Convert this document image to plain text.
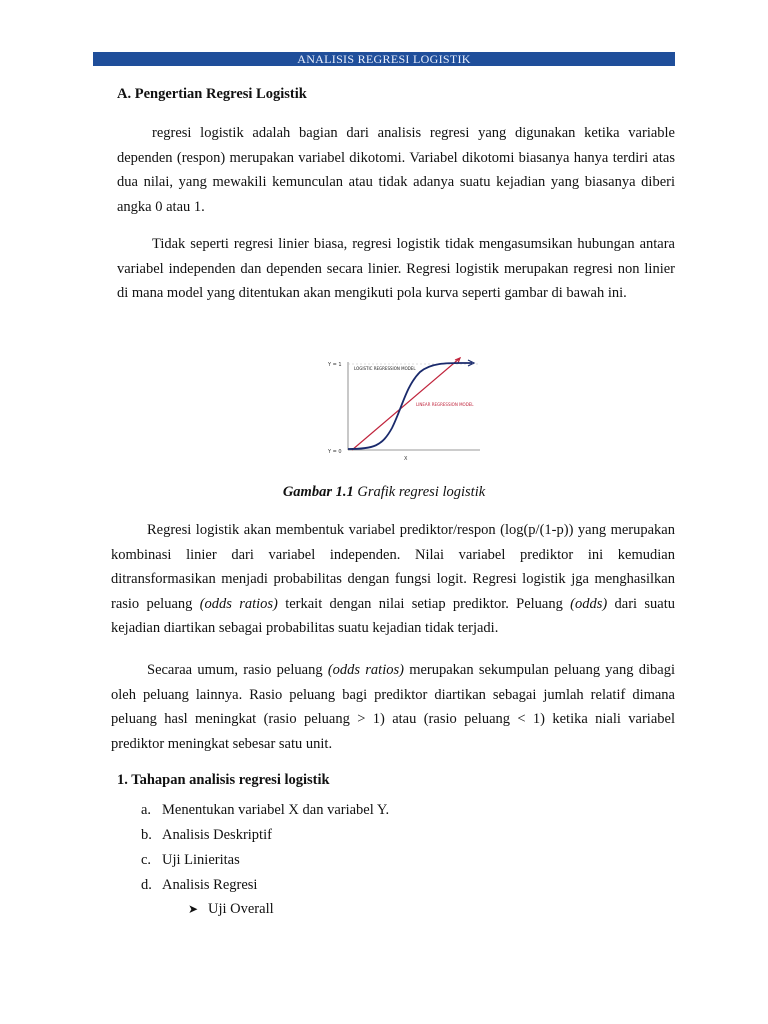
ANALISIS REGRESI LOGISTIK
A. Pengertian Regresi Logistik

regresi logistik adalah bagian dari analisis regresi yang digunakan ketika variable dependen (respon) merupakan variabel dikotomi. Variabel dikotomi biasanya hanya terdiri atas dua nilai, yang mewakili kemunculan atau tidak adanya suatu kejadian yang biasanya diberi angka 0 atau 1.

Tidak seperti regresi linier biasa, regresi logistik tidak mengasumsikan hubungan antara variabel independen dan dependen secara linier. Regresi logistik merupakan regresi non linier di mana model yang ditentukan akan mengikuti pola kurva seperti gambar di bawah ini.

Y = 1
Y = 0
X
LOGISTIC REGRESSION MODEL
LINEAR REGRESSION MODEL
Gambar 1.1 Grafik regresi logistik

Regresi logistik akan membentuk variabel prediktor/respon (log(p/(1-p)) yang merupakan kombinasi linier dari variabel independen. Nilai variabel prediktor ini kemudian ditransformasikan menjadi probabilitas dengan fungsi logit. Regresi logistik jga menghasilkan rasio peluang (odds ratios) terkait dengan nilai setiap prediktor. Peluang (odds) dari suatu kejadian diartikan sebagai probabilitas suatu kejadian tidak terjadi.

Secaraa umum, rasio peluang (odds ratios) merupakan sekumpulan peluang yang dibagi oleh peluang lainnya. Rasio peluang bagi prediktor diartikan sebagai jumlah relatif dimana peluang hasl meningkat (rasio peluang > 1) atau (rasio peluang < 1) ketika niali variabel prediktor meningkat sebesar satu unit.

1. Tahapan analisis regresi logistik
a. Menentukan variabel X dan variabel Y.
b. Analisis Deskriptif
c. Uji Linieritas
d. Analisis Regresi
➤ Uji Overall
